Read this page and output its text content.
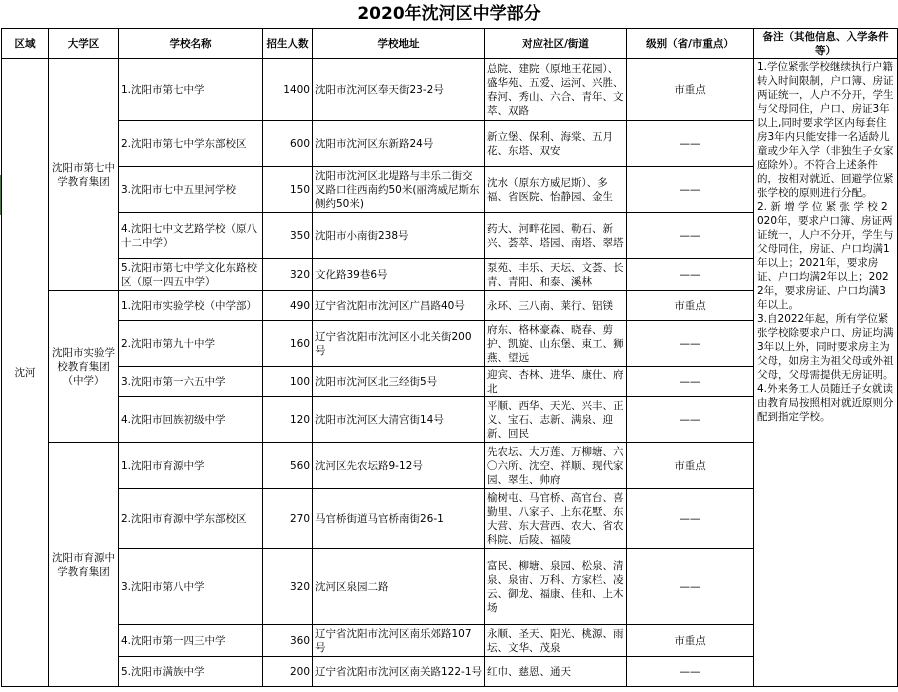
2020年沈河区中学部分
区域	大学区	学校名称	招生人数	学校地址	对应社区/街道	级别（省/市重点）	备注（其他信息、入学条件等）
沈河	沈阳市第七中学教育集团	1.沈阳市第七中学	1400	沈阳市沈河区奉天街23-2号	总院、建院（原地王花园）、盛华苑、五爱、运河、兴胜、春河、秀山、六合、青年、文萃、双路	市重点	1.学位紧张学校继续执行户籍转入时间限制，户口簿、房证两证统一，人户不分开，学生与父母同住，户口、房证3年以上,同时要求学区内每套住房3年内只能安排一名适龄儿童或少年入学（非独生子女家庭除外）。不符合上述条件的，按相对就近、回避学位紧张学校的原则进行分配。

2. 新 增 学 位 紧 张 学 校 2020年，要求户口簿、房证两证统一，人户不分开，学生与父母同住，房证、户口均满1年以上；2021年，要求房证、户口均满2年以上；2022年，要求房证、户口均满3年以上。

3.自2022年起，所有学位紧张学校除要求户口、房证均满3年以上外，同时要求房主为父母，如房主为祖父母或外祖父母，父母需提供无房证明。

4.外来务工人员随迁子女就读由教育局按照相对就近原则分配到指定学校。

		2.沈阳市第七中学东部校区	600	沈阳市沈河区东新路24号	新立堡、保利、海棠、五月花、东塔、双安	——	
		3.沈阳市七中五里河学校	150	沈阳市沈河区北堤路与丰乐二街交叉路口往西南约50米(丽湾威尼斯东侧约50米)	沈水（原东方威尼斯）、多福、省医院、怡静园、金生	——	
		4.沈阳七中文艺路学校（原八十二中学）	350	沈阳市小南街238号	药大、河畔花园、勒石、新兴、荟萃、塔园、南塔、翠塔	——	
		5.沈阳市第七中学文化东路校区（原一四五中学）	320	文化路39巷6号	泵苑、丰乐、天坛、文荟、长青、青阳、和泰、溪林	——	
	沈阳市实验学校教育集团（中学）	1.沈阳市实验学校（中学部）	490	辽宁省沈阳市沈河区广昌路40号	永环、三八南、莱行、铝镁	市重点	
		2.沈阳市第九十中学	160	辽宁省沈阳市沈河区小北关街200号	府东、格林豪森、晓春、剪护、凯旋、山东堡、東工、狮燕、望远	——	
		3.沈阳市第一六五中学	100	沈阳市沈河区北三经街5号	迎宾、杏林、进华、康仕、府北	——	
		4.沈阳市回族初级中学	120	沈阳市沈河区大清宫街14号	平顺、西华、天光、兴丰、正义、宝石、志新、满泉、迎新、回民	——	
	沈阳市育源中学教育集团	1.沈阳市育源中学	560	沈河区先农坛路9-12号	先农坛、大万莲、万柳塘、六〇六所、沈空、祥顺、现代家园、翠生、帅府	市重点	
		2.沈阳市育源中学东部校区	270	马官桥街道马官桥南街26-1	榆树屯、马官桥、高官台、喜勤里、八家子、上东花墅、东大营、东大营西、农大、省农科院、后陵、福陵	——	
		3.沈阳市第八中学	320	沈河区泉园二路	富民、柳塘、泉园、松泉、清泉、泉宙、万科、方家栏、凌云、御龙、福康、佳和、上木场	——	
		4.沈阳市第一四三中学	360	辽宁省沈阳市沈河区南乐郊路107号	永顺、圣天、阳光、桃源、雨坛、文华、茂泉	市重点	
		5.沈阳市满族中学	200	辽宁省沈阳市沈河区南关路122-1号	红巾、慈恩、通天	——	
